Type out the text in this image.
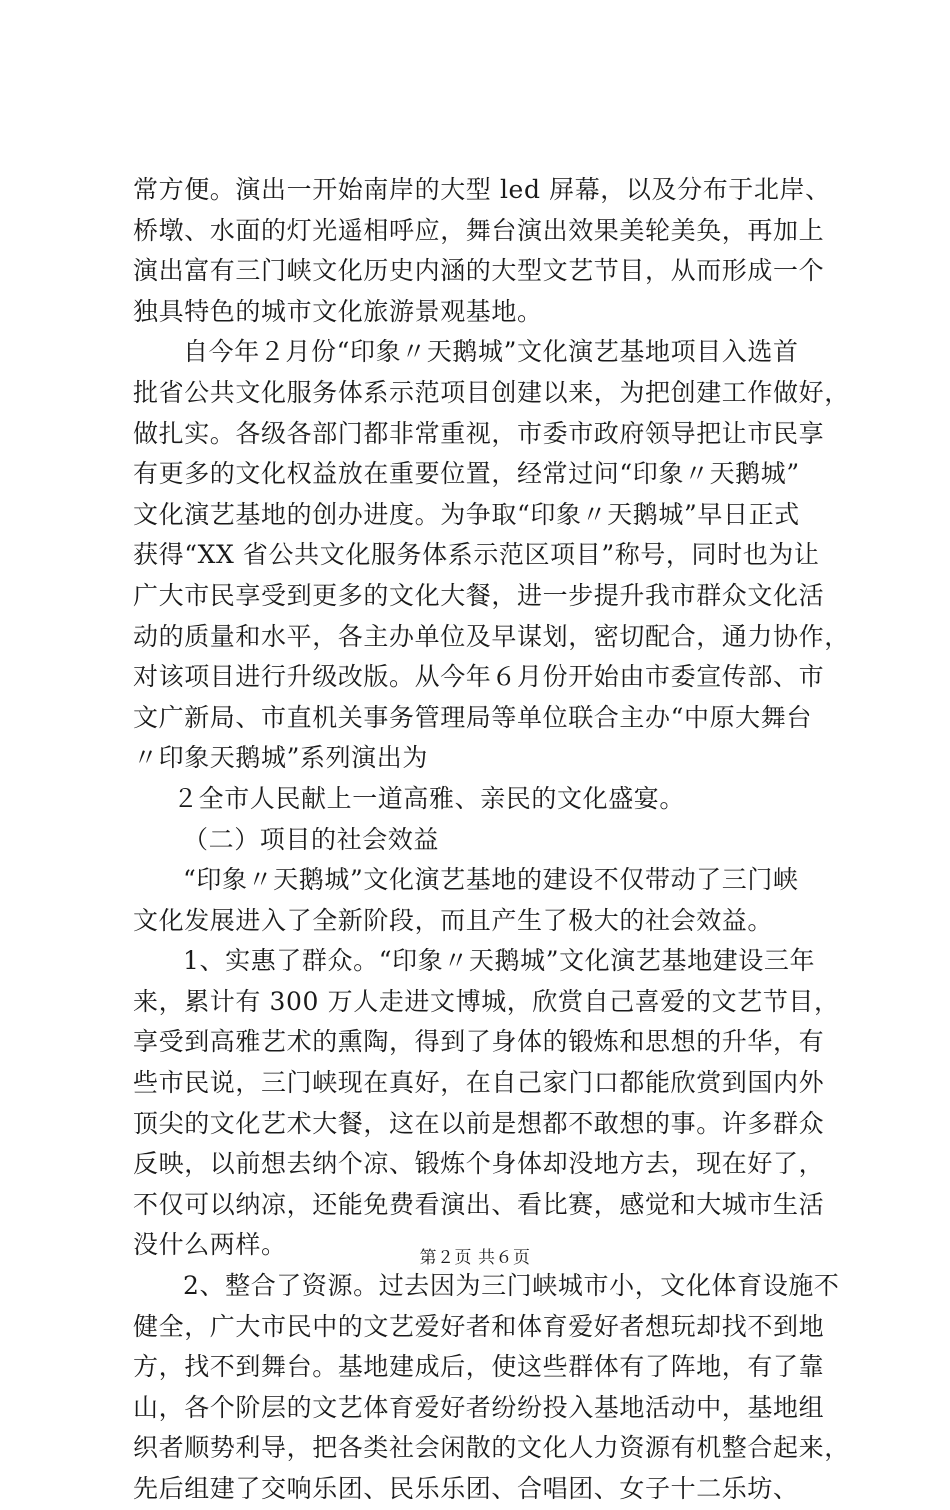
常方便。演出一开始南岸的大型 led 屏幕，以及分布于北岸、
桥墩、水面的灯光遥相呼应，舞台演出效果美轮美奂，再加上
演出富有三门峡文化历史内涵的大型文艺节目，从而形成一个
独具特色的城市文化旅游景观基地。
自今年２月份“印象〃天鹅城”文化演艺基地项目入选首
批省公共文化服务体系示范项目创建以来，为把创建工作做好，
做扎实。各级各部门都非常重视，市委市政府领导把让市民享
有更多的文化权益放在重要位置，经常过问“印象〃天鹅城”
文化演艺基地的创办进度。为争取“印象〃天鹅城”早日正式
获得“XX 省公共文化服务体系示范区项目”称号，同时也为让
广大市民享受到更多的文化大餐，进一步提升我市群众文化活
动的质量和水平，各主办单位及早谋划，密切配合，通力协作，
对该项目进行升级改版。从今年６月份开始由市委宣传部、市
文广新局、市直机关事务管理局等单位联合主办“中原大舞台
〃印象天鹅城”系列演出为
２全市人民献上一道高雅、亲民的文化盛宴。
（二）项目的社会效益
“印象〃天鹅城”文化演艺基地的建设不仅带动了三门峡
文化发展进入了全新阶段，而且产生了极大的社会效益。
1、实惠了群众。“印象〃天鹅城”文化演艺基地建设三年
来，累计有 300 万人走进文博城，欣赏自己喜爱的文艺节目，
享受到高雅艺术的熏陶，得到了身体的锻炼和思想的升华，有
些市民说，三门峡现在真好，在自己家门口都能欣赏到国内外
顶尖的文化艺术大餐，这在以前是想都不敢想的事。许多群众
反映，以前想去纳个凉、锻炼个身体却没地方去，现在好了，
不仅可以纳凉，还能免费看演出、看比赛，感觉和大城市生活
没什么两样。
2、整合了资源。过去因为三门峡城市小，文化体育设施不
健全，广大市民中的文艺爱好者和体育爱好者想玩却找不到地
方，找不到舞台。基地建成后，使这些群体有了阵地，有了靠
山，各个阶层的文艺体育爱好者纷纷投入基地活动中，基地组
织者顺势利导，把各类社会闲散的文化人力资源有机整合起来，
先后组建了交响乐团、民乐乐团、合唱团、女子十二乐坊、
第２页 共６页
